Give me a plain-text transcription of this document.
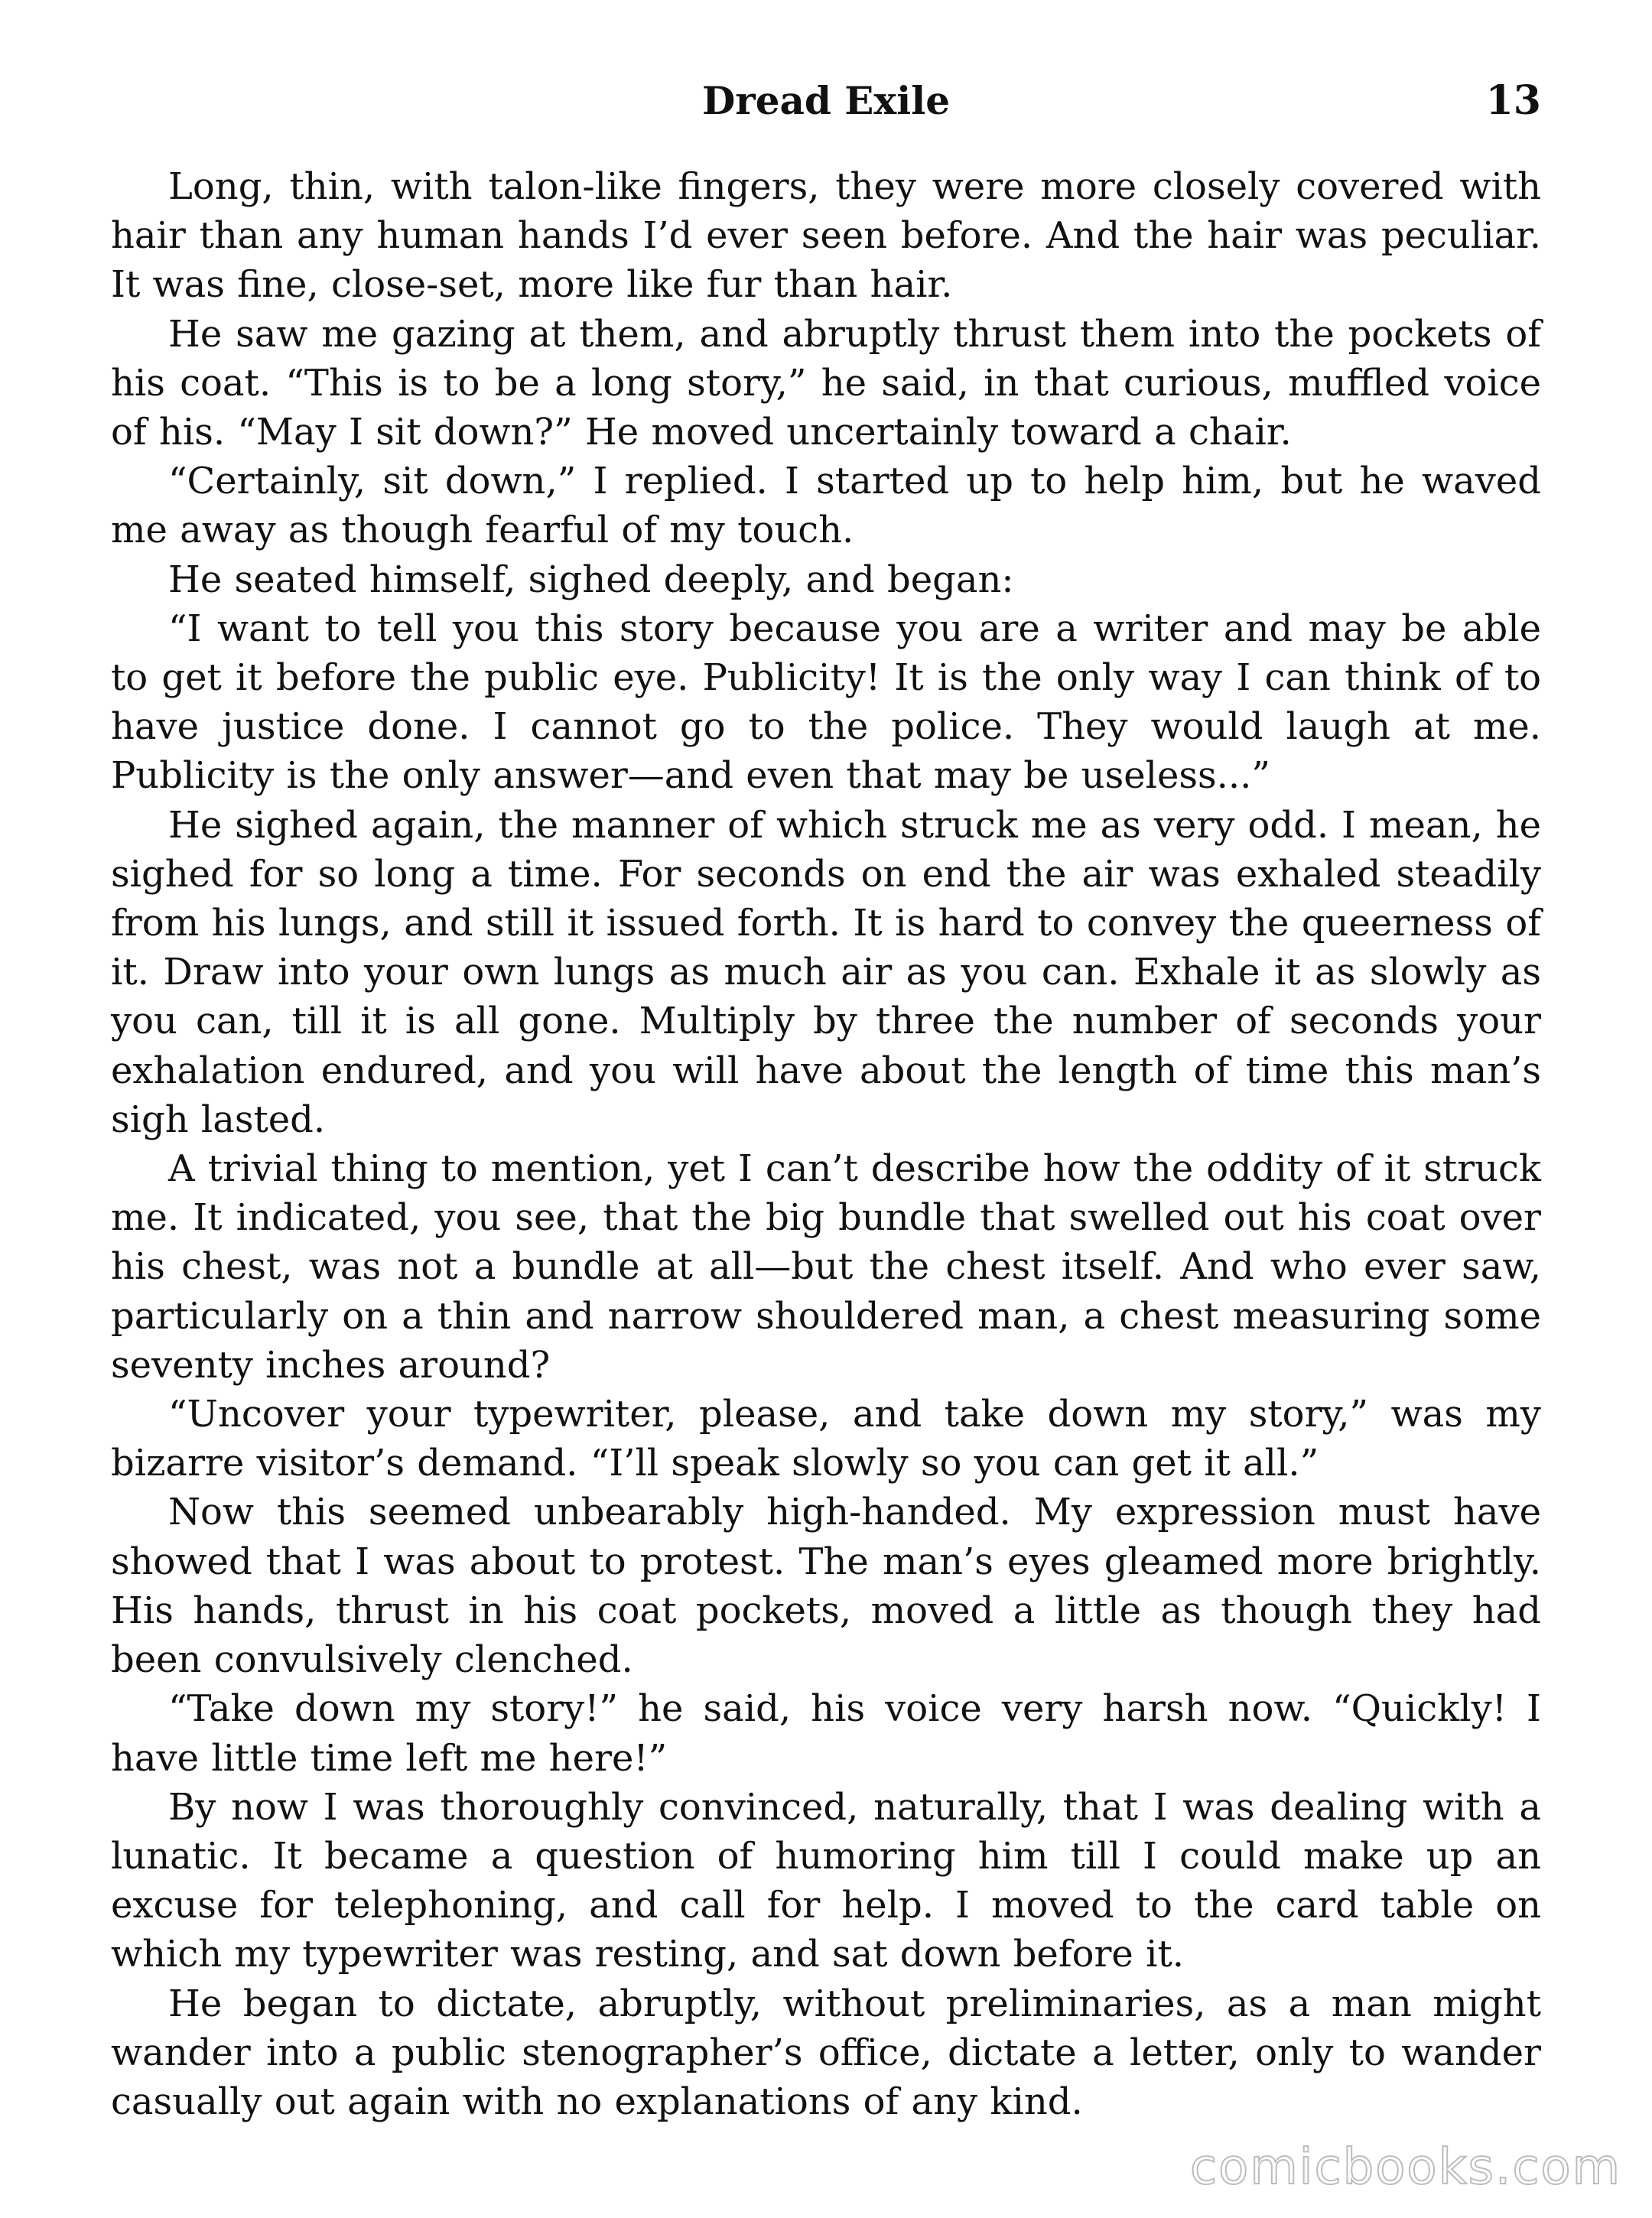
Dread Exile	13

Long, thin, with talon-like fingers, they were more closely covered with hair than any human hands I’d ever seen before. And the hair was peculiar. It was fine, close-set, more like fur than hair.

He saw me gazing at them, and abruptly thrust them into the pockets of his coat. “This is to be a long story,” he said, in that curious, muffled voice of his. “May I sit down?” He moved uncertainly toward a chair.

“Certainly, sit down,” I replied. I started up to help him, but he waved me away as though fearful of my touch.

He seated himself, sighed deeply, and began:

“I want to tell you this story because you are a writer and may be able to get it before the public eye. Publicity! It is the only way I can think of to have justice done. I cannot go to the police. They would laugh at me. Publicity is the only answer—and even that may be useless...”

He sighed again, the manner of which struck me as very odd. I mean, he sighed for so long a time. For seconds on end the air was exhaled steadily from his lungs, and still it issued forth. It is hard to convey the queerness of it. Draw into your own lungs as much air as you can. Exhale it as slowly as you can, till it is all gone. Multiply by three the number of seconds your exhalation endured, and you will have about the length of time this man’s sigh lasted.

A trivial thing to mention, yet I can’t describe how the oddity of it struck me. It indicated, you see, that the big bundle that swelled out his coat over his chest, was not a bundle at all—but the chest itself. And who ever saw, particularly on a thin and narrow shouldered man, a chest measuring some seventy inches around?

“Uncover your typewriter, please, and take down my story,” was my bizarre visitor’s demand. “I’ll speak slowly so you can get it all.”

Now this seemed unbearably high-handed. My expression must have showed that I was about to protest. The man’s eyes gleamed more brightly. His hands, thrust in his coat pockets, moved a little as though they had been convulsively clenched.

“Take down my story!” he said, his voice very harsh now. “Quickly! I have little time left me here!”

By now I was thoroughly convinced, naturally, that I was dealing with a lunatic. It became a question of humoring him till I could make up an excuse for telephoning, and call for help. I moved to the card table on which my typewriter was resting, and sat down before it.

He began to dictate, abruptly, without preliminaries, as a man might wander into a public stenographer’s office, dictate a letter, only to wander casually out again with no explanations of any kind.

comicbooks.com
